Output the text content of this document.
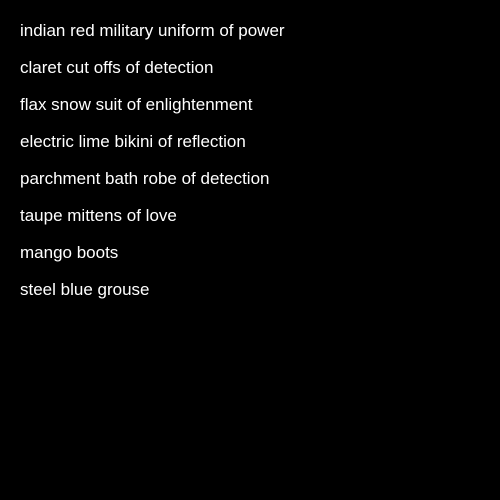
indian red military uniform of power
claret cut offs of detection
flax snow suit of enlightenment
electric lime bikini of reflection
parchment bath robe of detection
taupe mittens of love
mango boots
steel blue grouse
